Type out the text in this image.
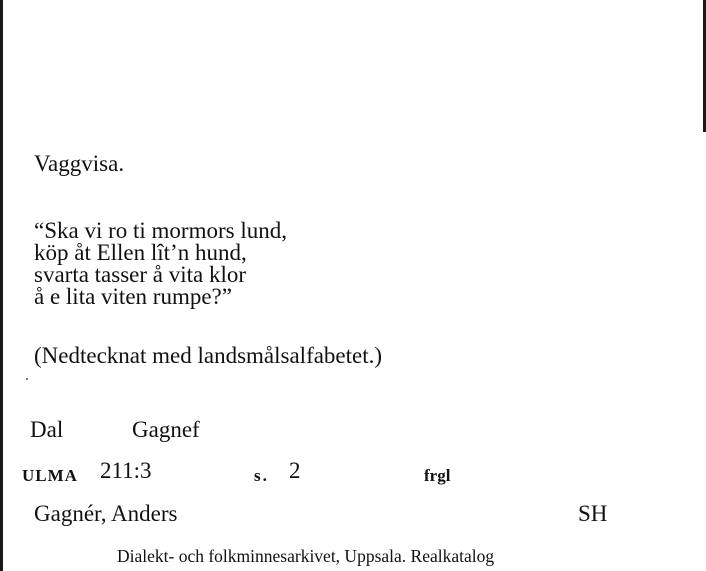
Vaggvisa.
“Ska vi ro ti mormors lund,
köp åt Ellen lît’n hund,
svarta tasser å vita klor
å e lita viten rumpe?”
(Nedtecknat med landsmålsalfabetet.)
Dal	Gagnef
ULMA 211:3	s. 2	frgl
Gagnér, Anders	SH
Dialekt- och folkminnesarkivet, Uppsala. Realkatalog
